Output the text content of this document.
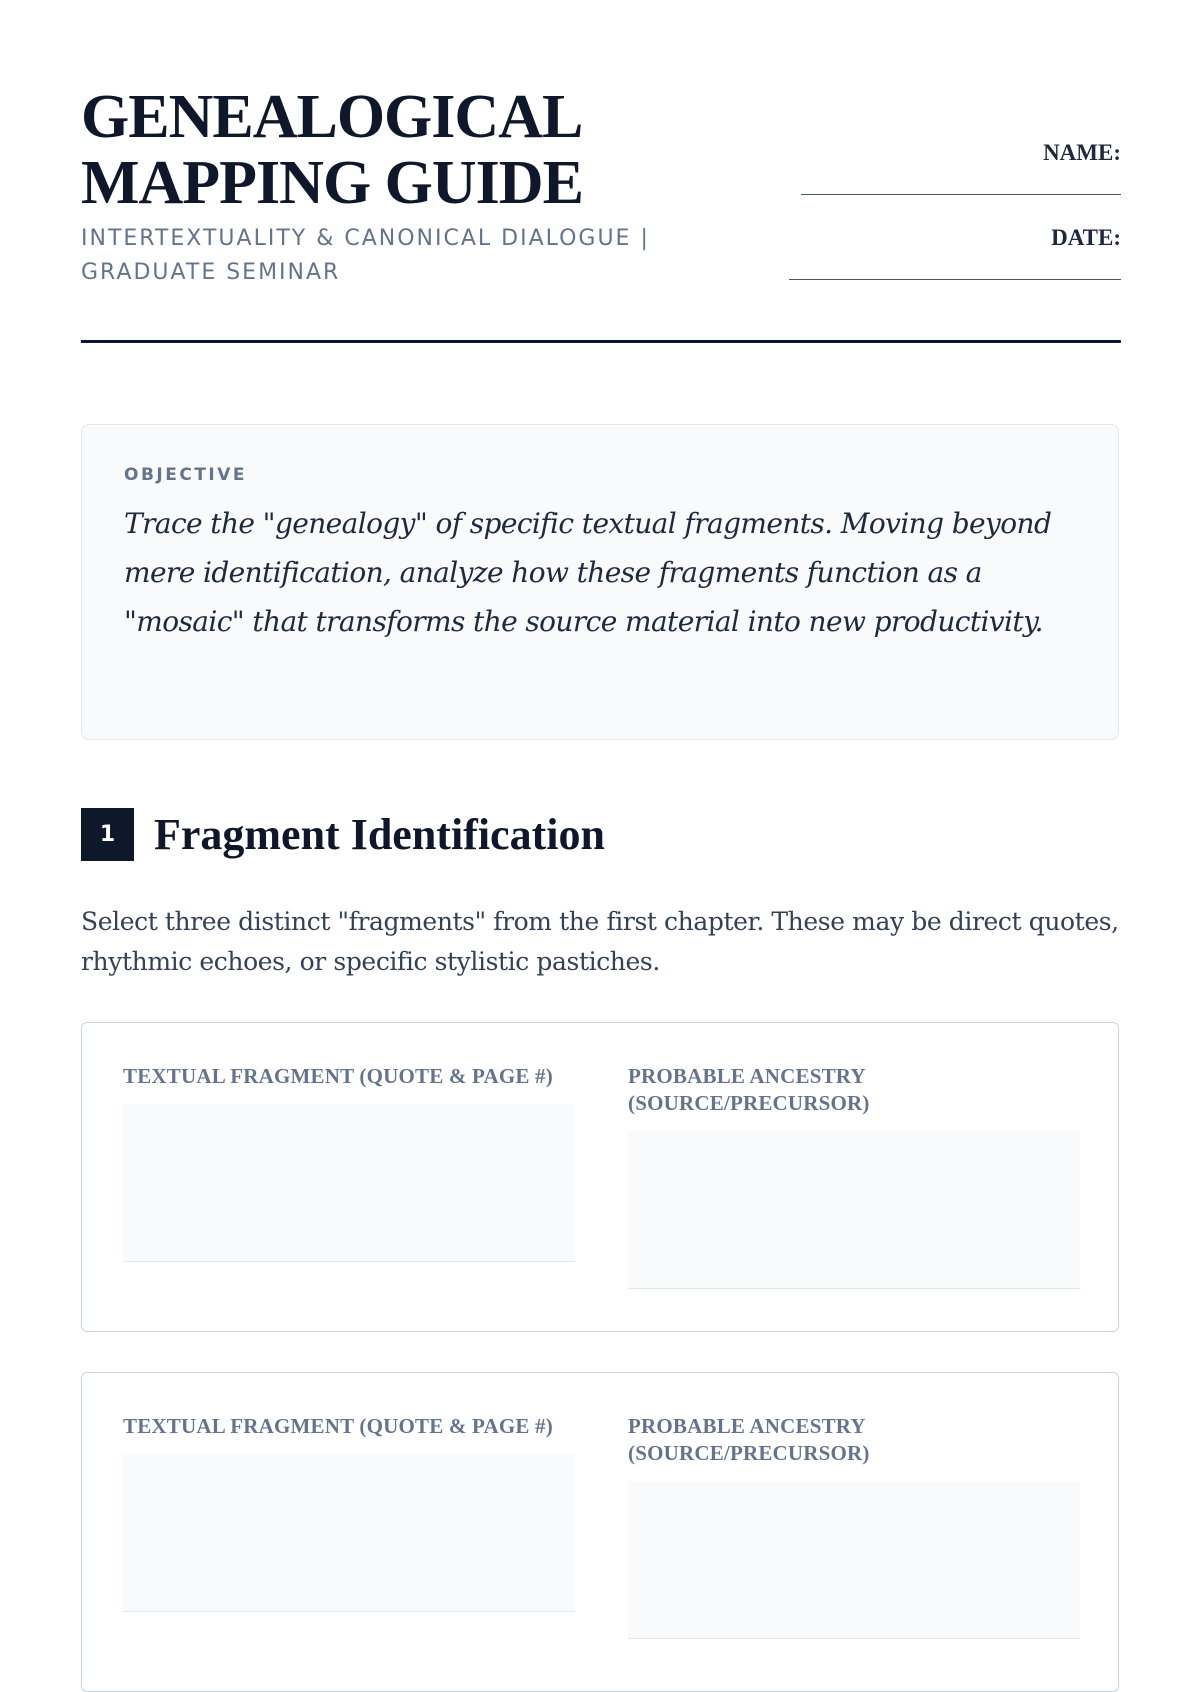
GENEALOGICAL
MAPPING GUIDE
INTERTEXTUALITY & CANONICAL DIALOGUE | GRADUATE SEMINAR
NAME:
DATE:
OBJECTIVE

Trace the "genealogy" of specific textual fragments. Moving beyond mere identification, analyze how these fragments function as a "mosaic" that transforms the source material into new productivity.

1 Fragment Identification

Select three distinct "fragments" from the first chapter. These may be direct quotes, rhythmic echoes, or specific stylistic pastiches.

TEXTUAL FRAGMENT (QUOTE & PAGE #)	PROBABLE ANCESTRY
(SOURCE/PRECURSOR)
TEXTUAL FRAGMENT (QUOTE & PAGE #)	PROBABLE ANCESTRY
(SOURCE/PRECURSOR)
